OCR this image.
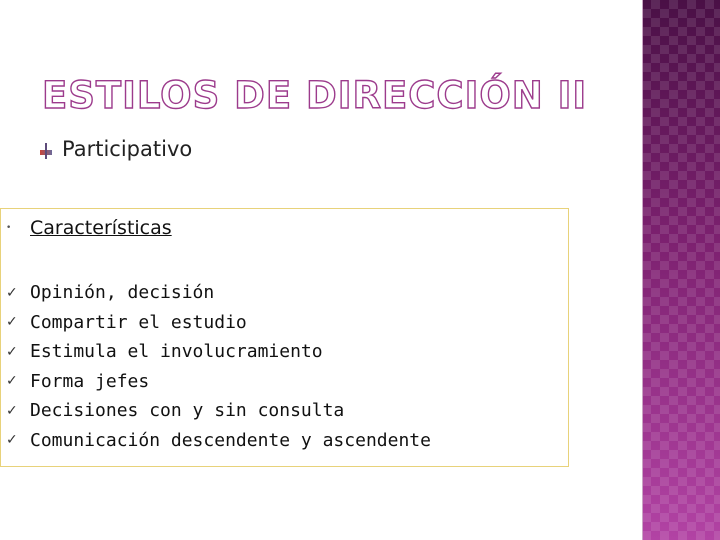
ESTILOS DE DIRECCIÓN II
Participativo
• Características
✓ Opinión, decisión
✓ Compartir el estudio
✓ Estimula el involucramiento
✓ Forma jefes
✓ Decisiones con y sin consulta
✓ Comunicación descendente y ascendente
